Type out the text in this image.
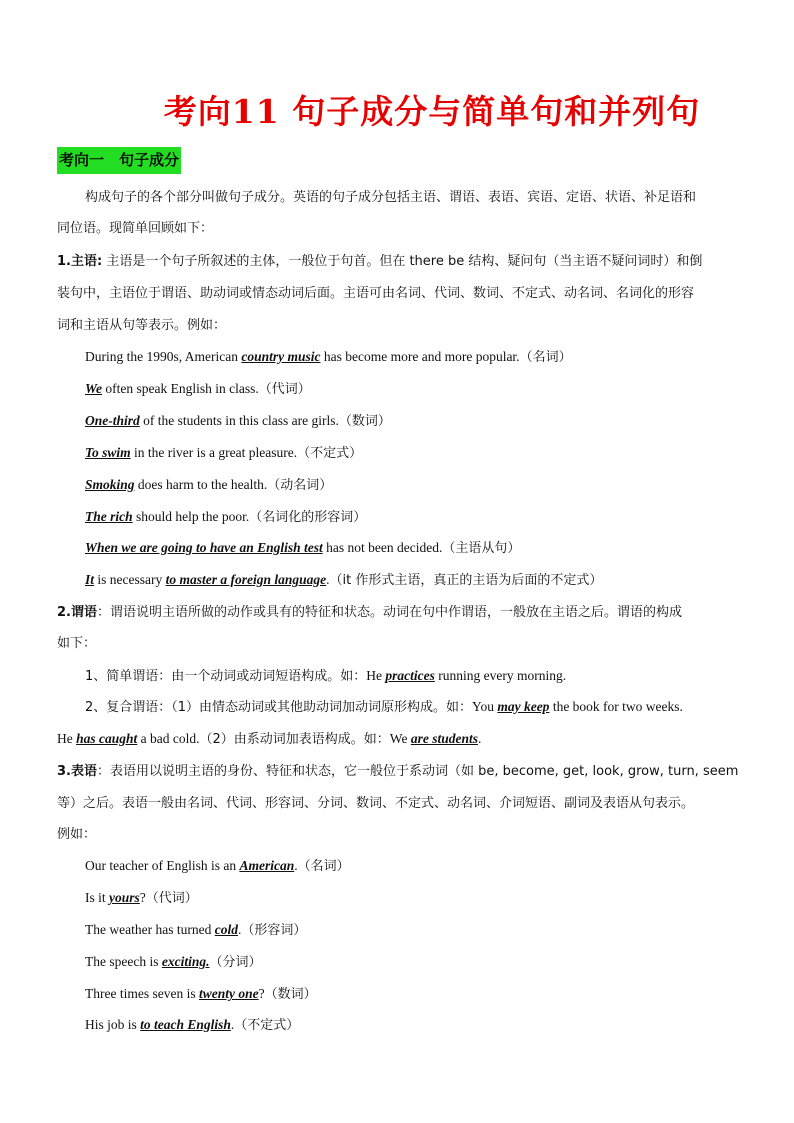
考向11 句子成分与简单句和并列句
考向一　句子成分
构成句子的各个部分叫做句子成分。英语的句子成分包括主语、谓语、表语、宾语、定语、状语、补足语和
同位语。现简单回顾如下：
1.主语: 主语是一个句子所叙述的主体，一般位于句首。但在 there be 结构、疑问句（当主语不疑问词时）和倒
装句中，主语位于谓语、助动词或情态动词后面。主语可由名词、代词、数词、不定式、动名词、名词化的形容
词和主语从句等表示。例如：
During the 1990s, American country music has become more and more popular.（名词）
We often speak English in class.（代词）
One-third of the students in this class are girls.（数词）
To swim in the river is a great pleasure.（不定式）
Smoking does harm to the health.（动名词）
The rich should help the poor.（名词化的形容词）
When we are going to have an English test has not been decided.（主语从句）
It is necessary to master a foreign language.（it 作形式主语，真正的主语为后面的不定式）
2.谓语：谓语说明主语所做的动作或具有的特征和状态。动词在句中作谓语，一般放在主语之后。谓语的构成
如下：
1、简单谓语：由一个动词或动词短语构成。如：He practices running every morning.
2、复合谓语：（1）由情态动词或其他助动词加动词原形构成。如：You may keep the book for two weeks.
He has caught a bad cold.（2）由系动词加表语构成。如：We are students.
3.表语：表语用以说明主语的身份、特征和状态，它一般位于系动词（如 be, become, get, look, grow, turn, seem
等）之后。表语一般由名词、代词、形容词、分词、数词、不定式、动名词、介词短语、副词及表语从句表示。
例如：
Our teacher of English is an American.（名词）
Is it yours?（代词）
The weather has turned cold.（形容词）
The speech is exciting.（分词）
Three times seven is twenty one?（数词）
His job is to teach English.（不定式）
